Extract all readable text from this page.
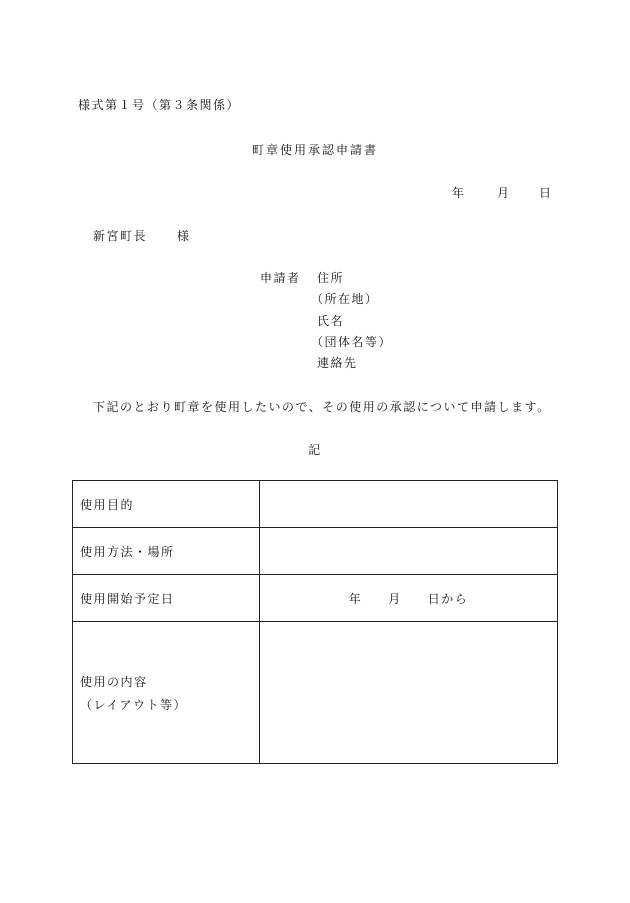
様式第１号（第３条関係）
町章使用承認申請書
年	月 日
新宮町長 様
申請者 住所
（所在地）
氏名
（団体名等）
連絡先
下記のとおり町章を使用したいので、その使用の承認について申請します。
記
使用目的	
使用方法・場所	
使用開始予定日	年 月 日から

使用の内容
（レイアウト等）	
